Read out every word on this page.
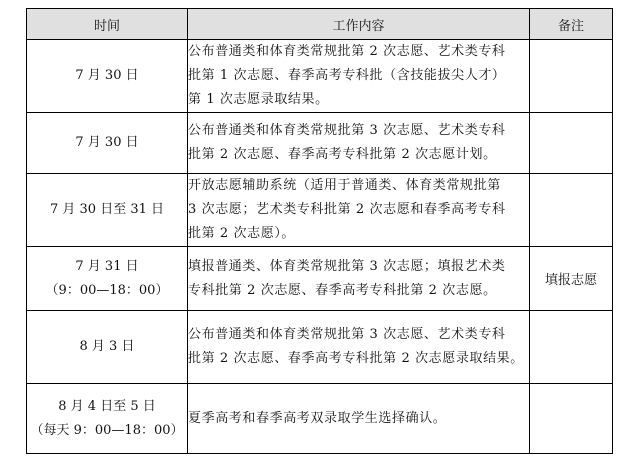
时间	工作内容	备注

7 月 30 日	公布普通类和体育类常规批第 2 次志愿、艺术类专科
批第 1 次志愿、春季高考专科批（含技能拔尖人才）
第 1 次志愿录取结果。	

7 月 30 日	公布普通类和体育类常规批第 3 次志愿、艺术类专科
批第 2 次志愿、春季高考专科批第 2 次志愿计划。	

7 月 30 日至 31 日	开放志愿辅助系统（适用于普通类、体育类常规批第
3 次志愿；艺术类专科批第 2 次志愿和春季高考专科
批第 2 次志愿）。	

7 月 31 日
（9：00—18：00）	填报普通类、体育类常规批第 3 次志愿；填报艺术类
专科批第 2 次志愿、春季高考专科批第 2 次志愿。	填报志愿

8 月 3 日	公布普通类和体育类常规批第 3 次志愿、艺术类专科
批第 2 次志愿、春季高考专科批第 2 次志愿录取结果。	

8 月 4 日至 5 日
（每天 9：00—18：00）	夏季高考和春季高考双录取学生选择确认。	
